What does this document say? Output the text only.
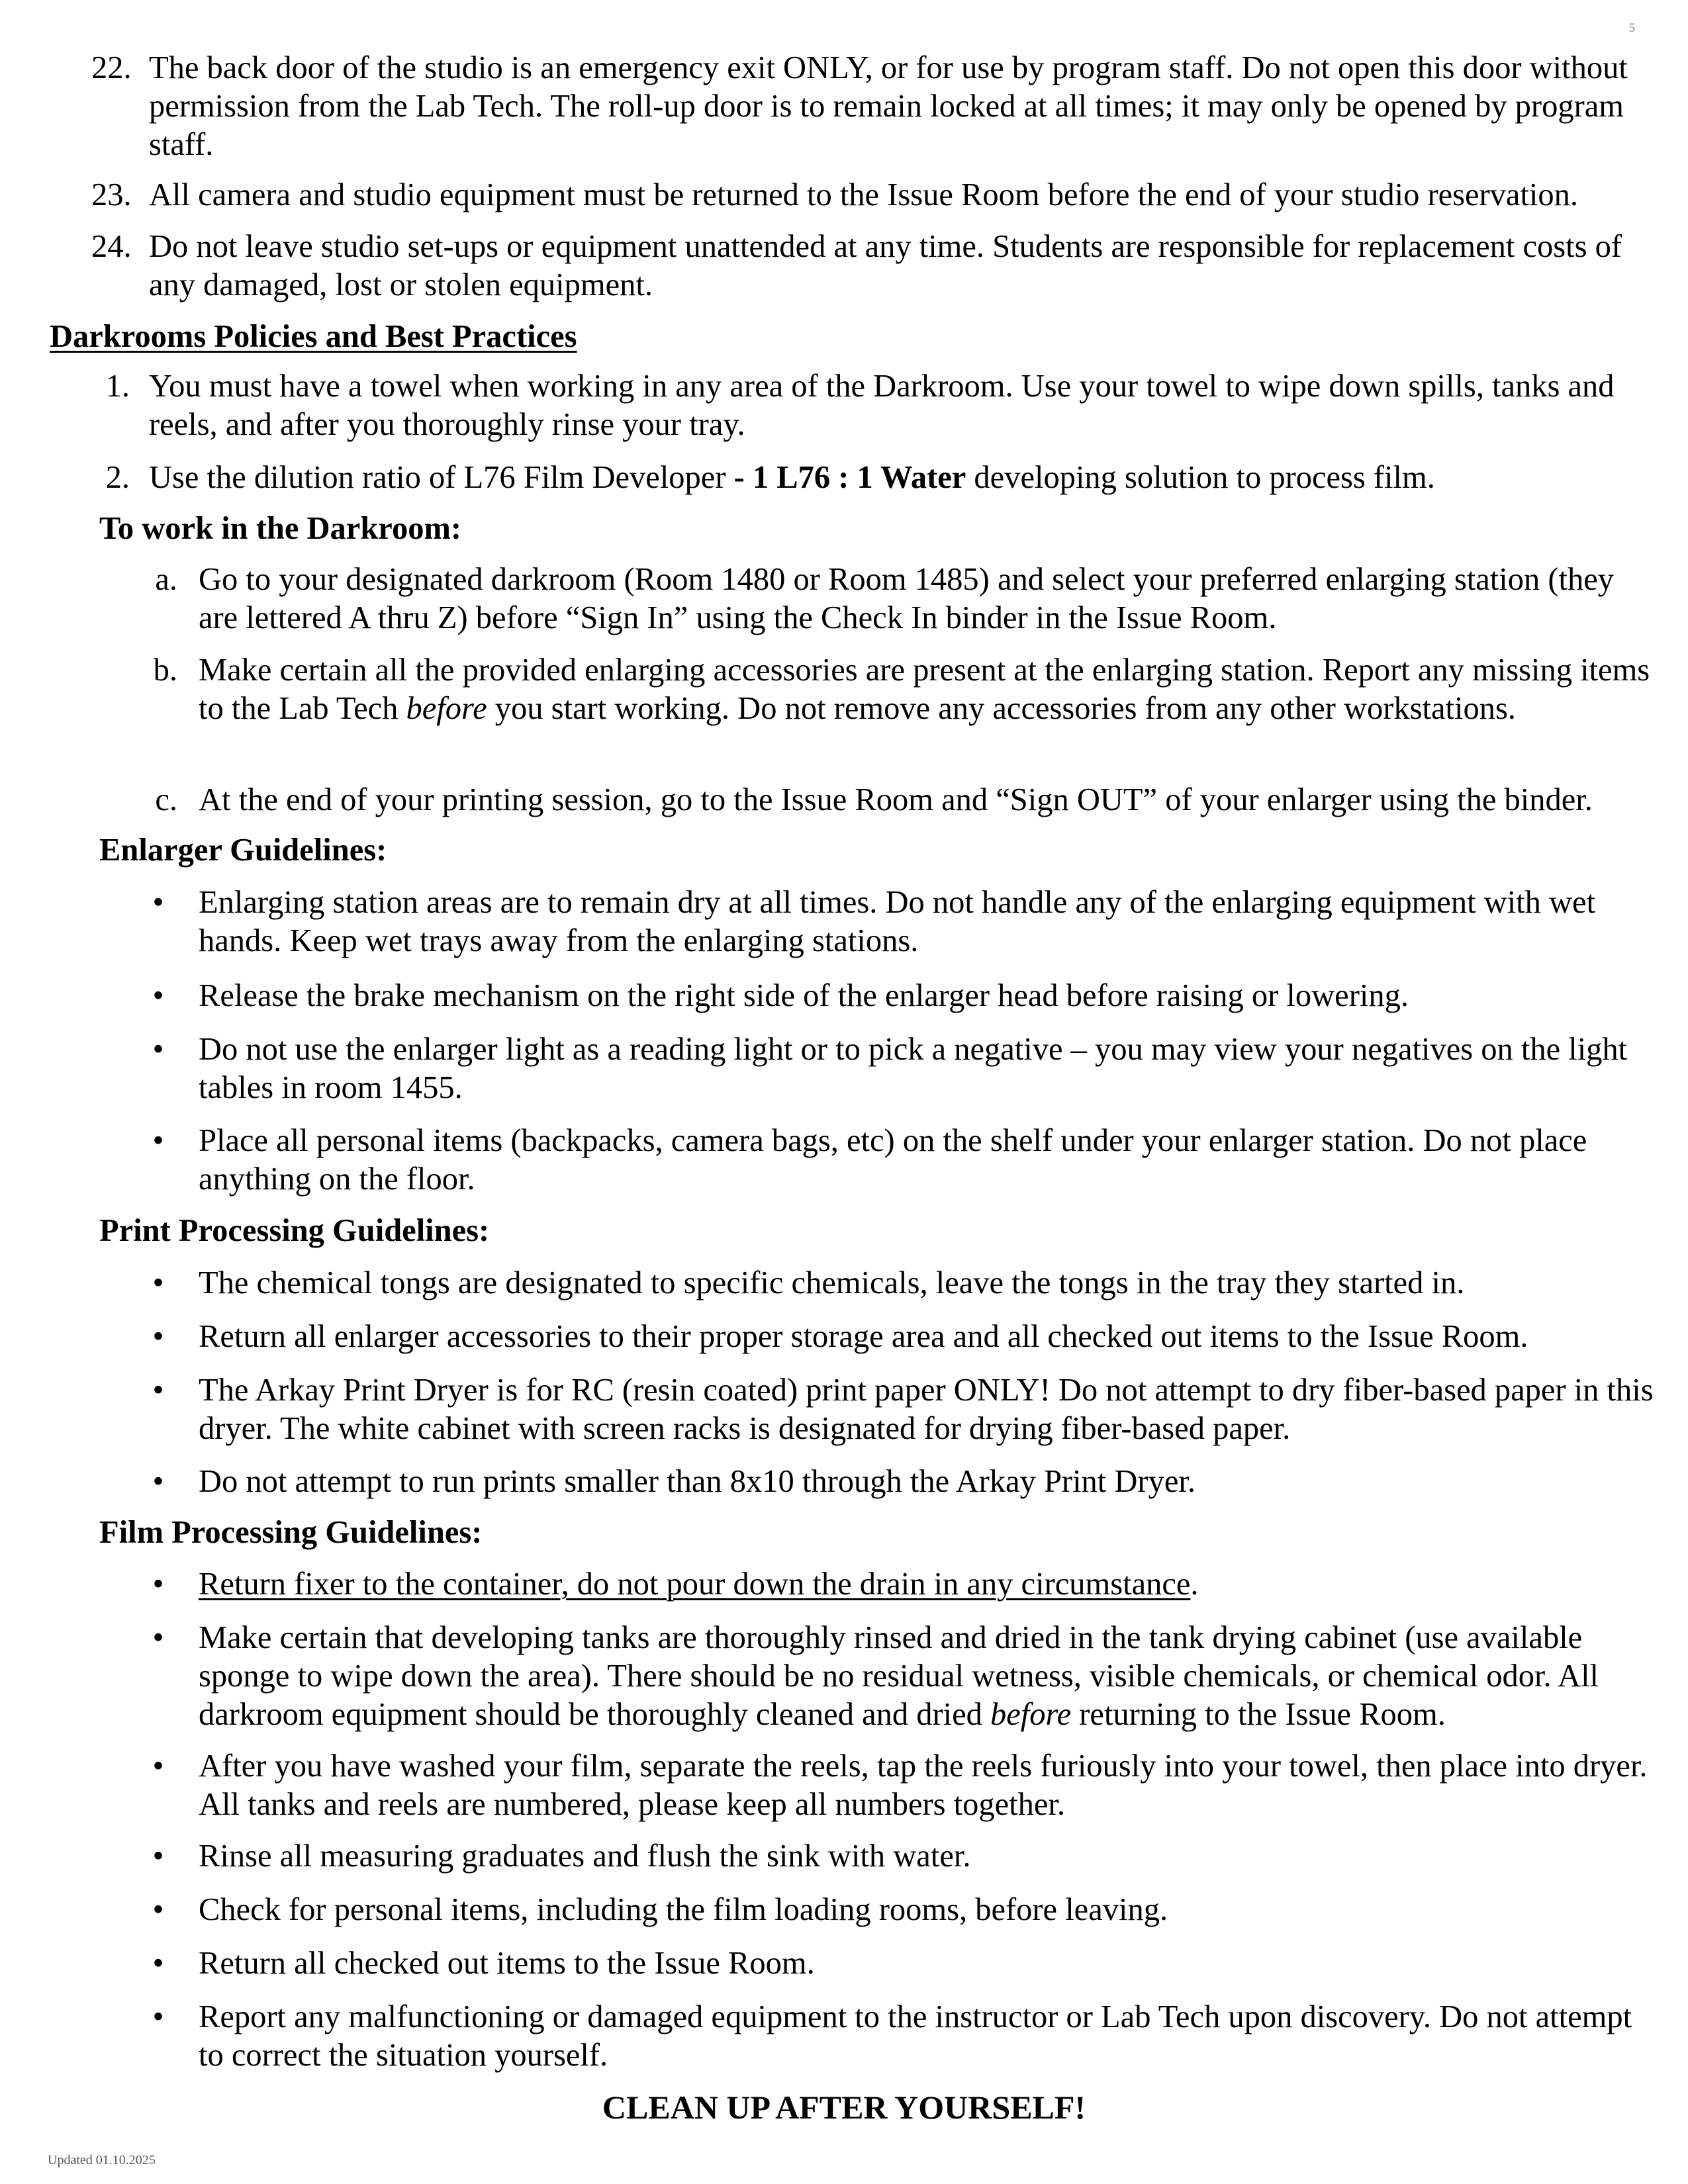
5
22. The back door of the studio is an emergency exit ONLY, or for use by program staff. Do not open this door without permission from the Lab Tech. The roll-up door is to remain locked at all times; it may only be opened by program staff.
23. All camera and studio equipment must be returned to the Issue Room before the end of your studio reservation.
24. Do not leave studio set-ups or equipment unattended at any time. Students are responsible for replacement costs of any damaged, lost or stolen equipment.
Darkrooms Policies and Best Practices
1. You must have a towel when working in any area of the Darkroom. Use your towel to wipe down spills, tanks and reels, and after you thoroughly rinse your tray.
2. Use the dilution ratio of L76 Film Developer - 1 L76 : 1 Water developing solution to process film.
To work in the Darkroom:
a. Go to your designated darkroom (Room 1480 or Room 1485) and select your preferred enlarging station (they are lettered A thru Z) before “Sign In” using the Check In binder in the Issue Room.
b. Make certain all the provided enlarging accessories are present at the enlarging station. Report any missing items to the Lab Tech before you start working. Do not remove any accessories from any other workstations.
c. At the end of your printing session, go to the Issue Room and “Sign OUT” of your enlarger using the binder.
Enlarger Guidelines:
• Enlarging station areas are to remain dry at all times. Do not handle any of the enlarging equipment with wet hands. Keep wet trays away from the enlarging stations.
• Release the brake mechanism on the right side of the enlarger head before raising or lowering.
• Do not use the enlarger light as a reading light or to pick a negative – you may view your negatives on the light tables in room 1455.
• Place all personal items (backpacks, camera bags, etc) on the shelf under your enlarger station. Do not place anything on the floor.
Print Processing Guidelines:
• The chemical tongs are designated to specific chemicals, leave the tongs in the tray they started in.
• Return all enlarger accessories to their proper storage area and all checked out items to the Issue Room.
• The Arkay Print Dryer is for RC (resin coated) print paper ONLY! Do not attempt to dry fiber-based paper in this dryer. The white cabinet with screen racks is designated for drying fiber-based paper.
• Do not attempt to run prints smaller than 8x10 through the Arkay Print Dryer.
Film Processing Guidelines:
• Return fixer to the container, do not pour down the drain in any circumstance.
• Make certain that developing tanks are thoroughly rinsed and dried in the tank drying cabinet (use available sponge to wipe down the area). There should be no residual wetness, visible chemicals, or chemical odor. All darkroom equipment should be thoroughly cleaned and dried before returning to the Issue Room.
• After you have washed your film, separate the reels, tap the reels furiously into your towel, then place into dryer. All tanks and reels are numbered, please keep all numbers together.
• Rinse all measuring graduates and flush the sink with water.
• Check for personal items, including the film loading rooms, before leaving.
• Return all checked out items to the Issue Room.
• Report any malfunctioning or damaged equipment to the instructor or Lab Tech upon discovery. Do not attempt to correct the situation yourself.
CLEAN UP AFTER YOURSELF!
Updated 01.10.2025
